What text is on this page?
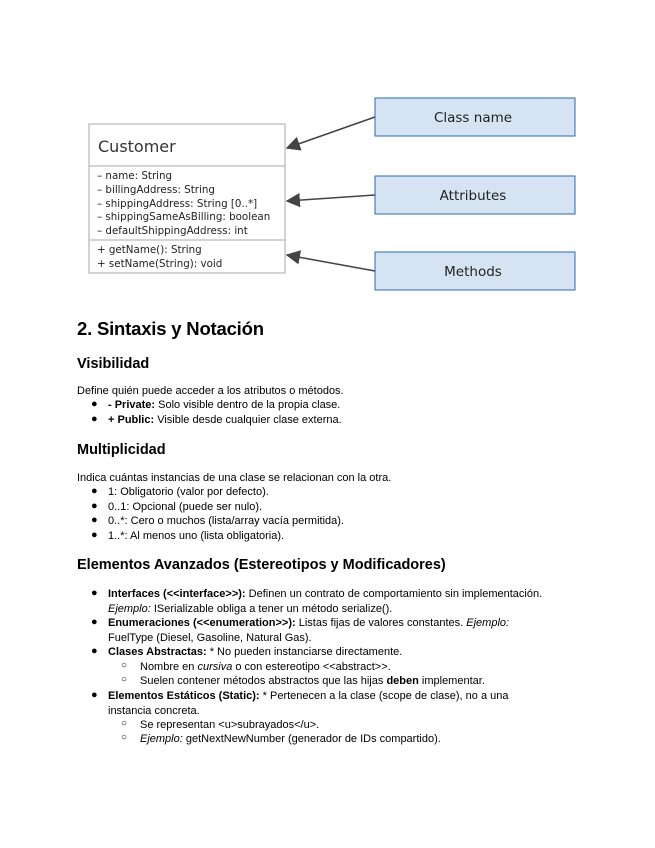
Customer
– name: String
– billingAddress: String
– shippingAddress: String [0..*]
– shippingSameAsBilling: boolean
– defaultShippingAddress: int
+ getName(): String
+ setName(String): void
Class name
Attributes
Methods
2. Sintaxis y Notación
Visibilidad
Define quién puede acceder a los atributos o métodos.
● - Private: Solo visible dentro de la propia clase.
● + Public: Visible desde cualquier clase externa.
Multiplicidad
Indica cuántas instancias de una clase se relacionan con la otra.
● 1: Obligatorio (valor por defecto).
● 0..1: Opcional (puede ser nulo).
● 0..*: Cero o muchos (lista/array vacía permitida).
● 1..*: Al menos uno (lista obligatoria).
Elementos Avanzados (Estereotipos y Modificadores)
● Interfaces (<<interface>>): Definen un contrato de comportamiento sin implementación.
Ejemplo: ISerializable obliga a tener un método serialize().
● Enumeraciones (<<enumeration>>): Listas fijas de valores constantes. Ejemplo:
FuelType (Diesel, Gasoline, Natural Gas).
● Clases Abstractas: * No pueden instanciarse directamente.
○ Nombre en cursiva o con estereotipo <<abstract>>.
○ Suelen contener métodos abstractos que las hijas deben implementar.
● Elementos Estáticos (Static): * Pertenecen a la clase (scope de clase), no a una
instancia concreta.
○ Se representan <u>subrayados</u>.
○ Ejemplo: getNextNewNumber (generador de IDs compartido).
